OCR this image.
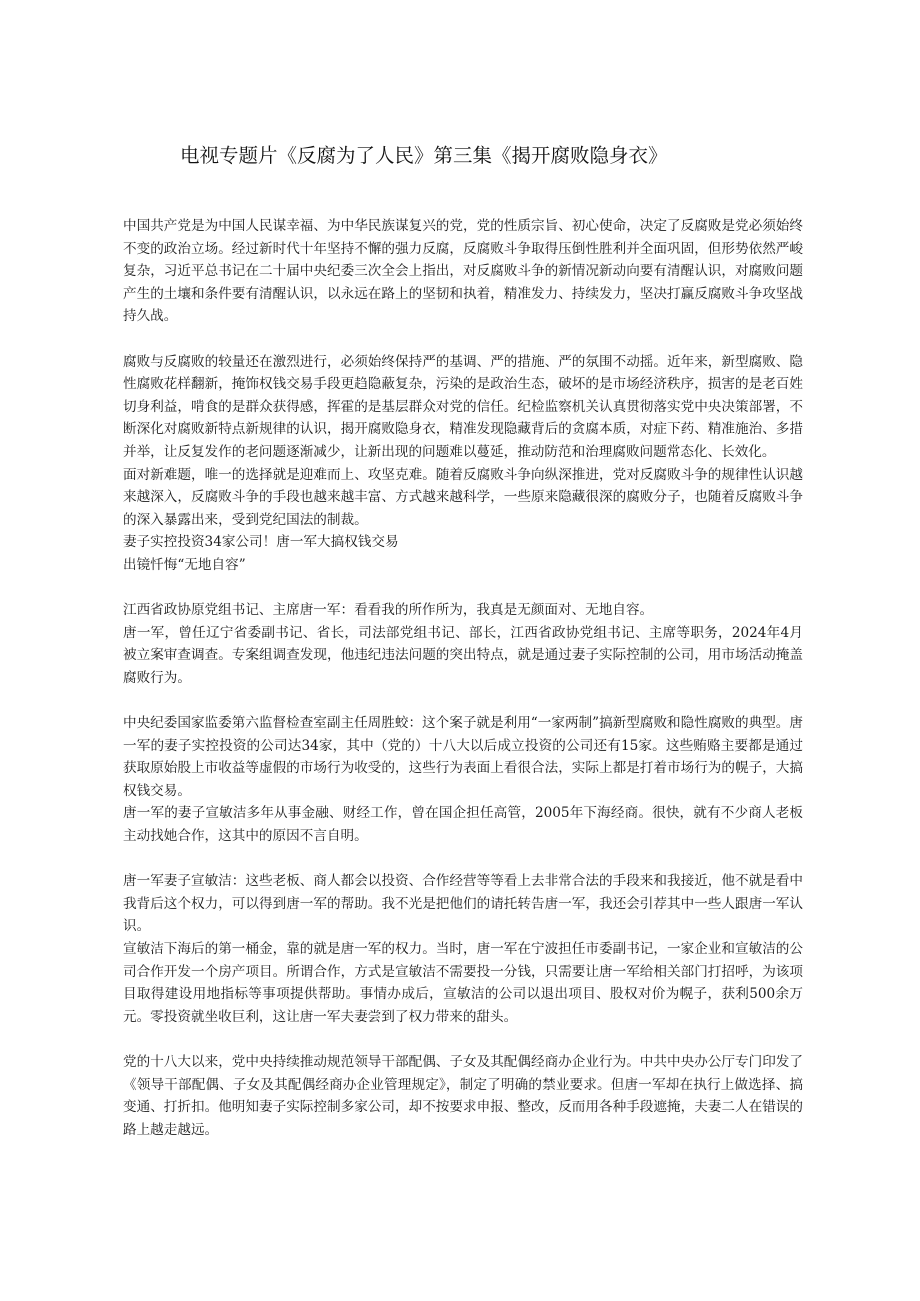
电视专题片《反腐为了人民》第三集《揭开腐败隐身衣》

中国共产党是为中国人民谋幸福、为中华民族谋复兴的党，党的性质宗旨、初心使命，决定了反腐败是党必须始终不变的政治立场。经过新时代十年坚持不懈的强力反腐，反腐败斗争取得压倒性胜利并全面巩固，但形势依然严峻复杂，习近平总书记在二十届中央纪委三次全会上指出，对反腐败斗争的新情况新动向要有清醒认识，对腐败问题产生的土壤和条件要有清醒认识，以永远在路上的坚韧和执着，精准发力、持续发力，坚决打赢反腐败斗争攻坚战持久战。

腐败与反腐败的较量还在激烈进行，必须始终保持严的基调、严的措施、严的氛围不动摇。近年来，新型腐败、隐性腐败花样翻新，掩饰权钱交易手段更趋隐蔽复杂，污染的是政治生态，破坏的是市场经济秩序，损害的是老百姓切身利益，啃食的是群众获得感，挥霍的是基层群众对党的信任。纪检监察机关认真贯彻落实党中央决策部署，不断深化对腐败新特点新规律的认识，揭开腐败隐身衣，精准发现隐藏背后的贪腐本质，对症下药、精准施治、多措并举，让反复发作的老问题逐渐减少，让新出现的问题难以蔓延，推动防范和治理腐败问题常态化、长效化。

面对新难题，唯一的选择就是迎难而上、攻坚克难。随着反腐败斗争向纵深推进，党对反腐败斗争的规律性认识越来越深入，反腐败斗争的手段也越来越丰富、方式越来越科学，一些原来隐藏很深的腐败分子，也随着反腐败斗争的深入暴露出来，受到党纪国法的制裁。

妻子实控投资34家公司！唐一军大搞权钱交易

出镜忏悔“无地自容”

江西省政协原党组书记、主席唐一军：看看我的所作所为，我真是无颜面对、无地自容。

唐一军，曾任辽宁省委副书记、省长，司法部党组书记、部长，江西省政协党组书记、主席等职务，2024年4月被立案审查调查。专案组调查发现，他违纪违法问题的突出特点，就是通过妻子实际控制的公司，用市场活动掩盖腐败行为。

中央纪委国家监委第六监督检查室副主任周胜蛟：这个案子就是利用“一家两制”搞新型腐败和隐性腐败的典型。唐一军的妻子实控投资的公司达34家，其中（党的）十八大以后成立投资的公司还有15家。这些贿赂主要都是通过获取原始股上市收益等虚假的市场行为收受的，这些行为表面上看很合法，实际上都是打着市场行为的幌子，大搞权钱交易。

唐一军的妻子宣敏洁多年从事金融、财经工作，曾在国企担任高管，2005年下海经商。很快，就有不少商人老板主动找她合作，这其中的原因不言自明。

唐一军妻子宣敏洁：这些老板、商人都会以投资、合作经营等等看上去非常合法的手段来和我接近，他不就是看中我背后这个权力，可以得到唐一军的帮助。我不光是把他们的请托转告唐一军，我还会引荐其中一些人跟唐一军认识。

宣敏洁下海后的第一桶金，靠的就是唐一军的权力。当时，唐一军在宁波担任市委副书记，一家企业和宣敏洁的公司合作开发一个房产项目。所谓合作，方式是宣敏洁不需要投一分钱，只需要让唐一军给相关部门打招呼，为该项目取得建设用地指标等事项提供帮助。事情办成后，宣敏洁的公司以退出项目、股权对价为幌子，获利500余万元。零投资就坐收巨利，这让唐一军夫妻尝到了权力带来的甜头。

党的十八大以来，党中央持续推动规范领导干部配偶、子女及其配偶经商办企业行为。中共中央办公厅专门印发了《领导干部配偶、子女及其配偶经商办企业管理规定》，制定了明确的禁业要求。但唐一军却在执行上做选择、搞变通、打折扣。他明知妻子实际控制多家公司，却不按要求申报、整改，反而用各种手段遮掩，夫妻二人在错误的路上越走越远。
